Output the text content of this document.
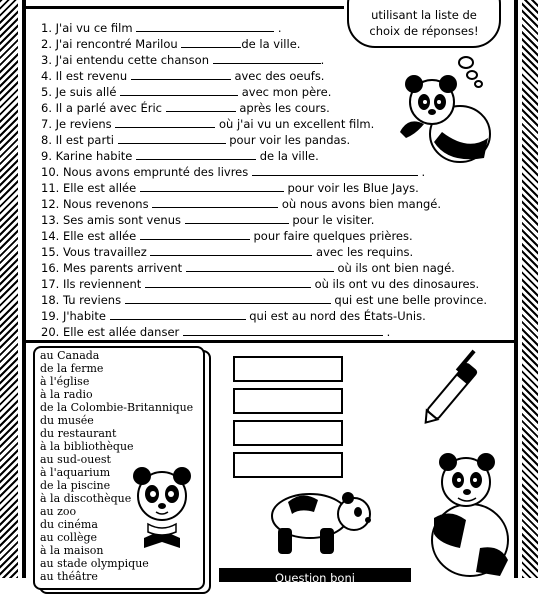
utilisant la liste de
choix de réponses!
1. J'ai vu ce film	.
2. J'ai rencontré Marilou	de la ville.
3. J'ai entendu cette chanson	.
4. Il est revenu	avec des oeufs.
5. Je suis allé	avec mon père.
6. Il a parlé avec Éric	après les cours.
7. Je reviens	où j'ai vu un excellent film.
8. Il est parti	pour voir les pandas.
9. Karine habite	de la ville.
10. Nous avons emprunté des livres	.
11. Elle est allée	pour voir les Blue Jays.
12. Nous revenons	où nous avons bien mangé.
13. Ses amis sont venus	pour le visiter.
14. Elle est allée	pour faire quelques prières.
15. Vous travaillez	avec les requins.
16. Mes parents arrivent	où ils ont bien nagé.
17. Ils reviennent	où ils ont vu des dinosaures.
18. Tu reviens	qui est une belle province.
19. J'habite	qui est au nord des États-Unis.
20. Elle est allée danser	.
au Canada
de la ferme
à l'église
à la radio
de la Colombie-Britannique
du musée
du restaurant
à la bibliothèque
au sud-ouest
à l'aquarium
de la piscine
à la discothèque
au zoo
du cinéma
au collège
à la maison
au stade olympique
au théâtre	Question boni
